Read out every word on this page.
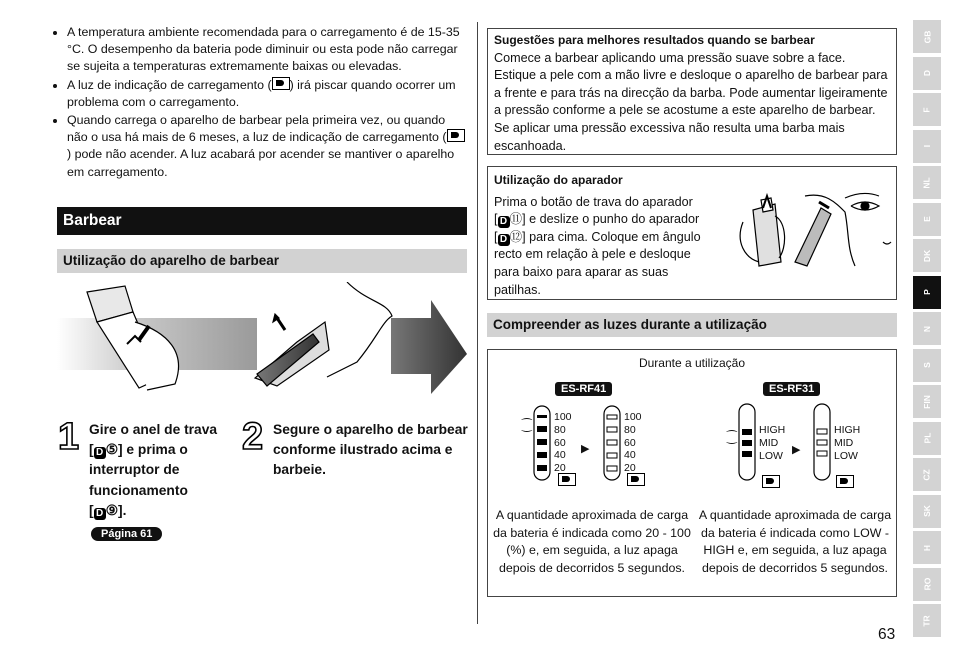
• A temperatura ambiente recomendada para o carregamento é de 15-35 °C. O desempenho da bateria pode diminuir ou esta pode não carregar se sujeita a temperaturas extremamente baixas ou elevadas.
• A luz de indicação de carregamento ( ) irá piscar quando ocorrer um problema com o carregamento.
• Quando carrega o aparelho de barbear pela primeira vez, ou quando não o usa há mais de 6 meses, a luz de indicação de carregamento () pode não acender. A luz acabará por acender se mantiver o aparelho em carregamento.
Barbear
Utilização do aparelho de barbear
1 Gire o anel de trava
[ D ⑤] e prima o
interruptor de
funcionamento
[ D ⑨].
Página 61
2 Segure o aparelho de barbear conforme ilustrado acima e barbeie.
Sugestões para melhores resultados quando se barbear
Comece a barbear aplicando uma pressão suave sobre a face. Estique a pele com a mão livre e desloque o aparelho de barbear para a frente e para trás na direcção da barba. Pode aumentar ligeiramente a pressão conforme a pele se acostume a este aparelho de barbear. Se aplicar uma pressão excessiva não resulta uma barba mais escanhoada.
Utilização do aparador
Prima o botão de trava do aparador
[ D ⑪] e deslize o punho do aparador
[ D ⑫] para cima. Coloque em ângulo
recto em relação à pele e desloque
para baixo para aparar as suas
patilhas.
Compreender as luzes durante a utilização
Durante a utilização
ES-RF41
⁐
100
80
60
40
20
▶
100
80
60
40
20
A quantidade aproximada de carga da bateria é indicada como 20 - 100 (%) e, em seguida, a luz apaga depois de decorridos 5 segundos.
ES-RF31
⁐ HIGH
MID
LOW ▶
HIGH
MID
LOW
A quantidade aproximada de carga da bateria é indicada como LOW - HIGH e, em seguida, a luz apaga depois de decorridos 5 segundos.
GB
D
F
I
NL
E
DK
P
N
S
FIN
PL
CZ
SK
H
RO
TR
63
